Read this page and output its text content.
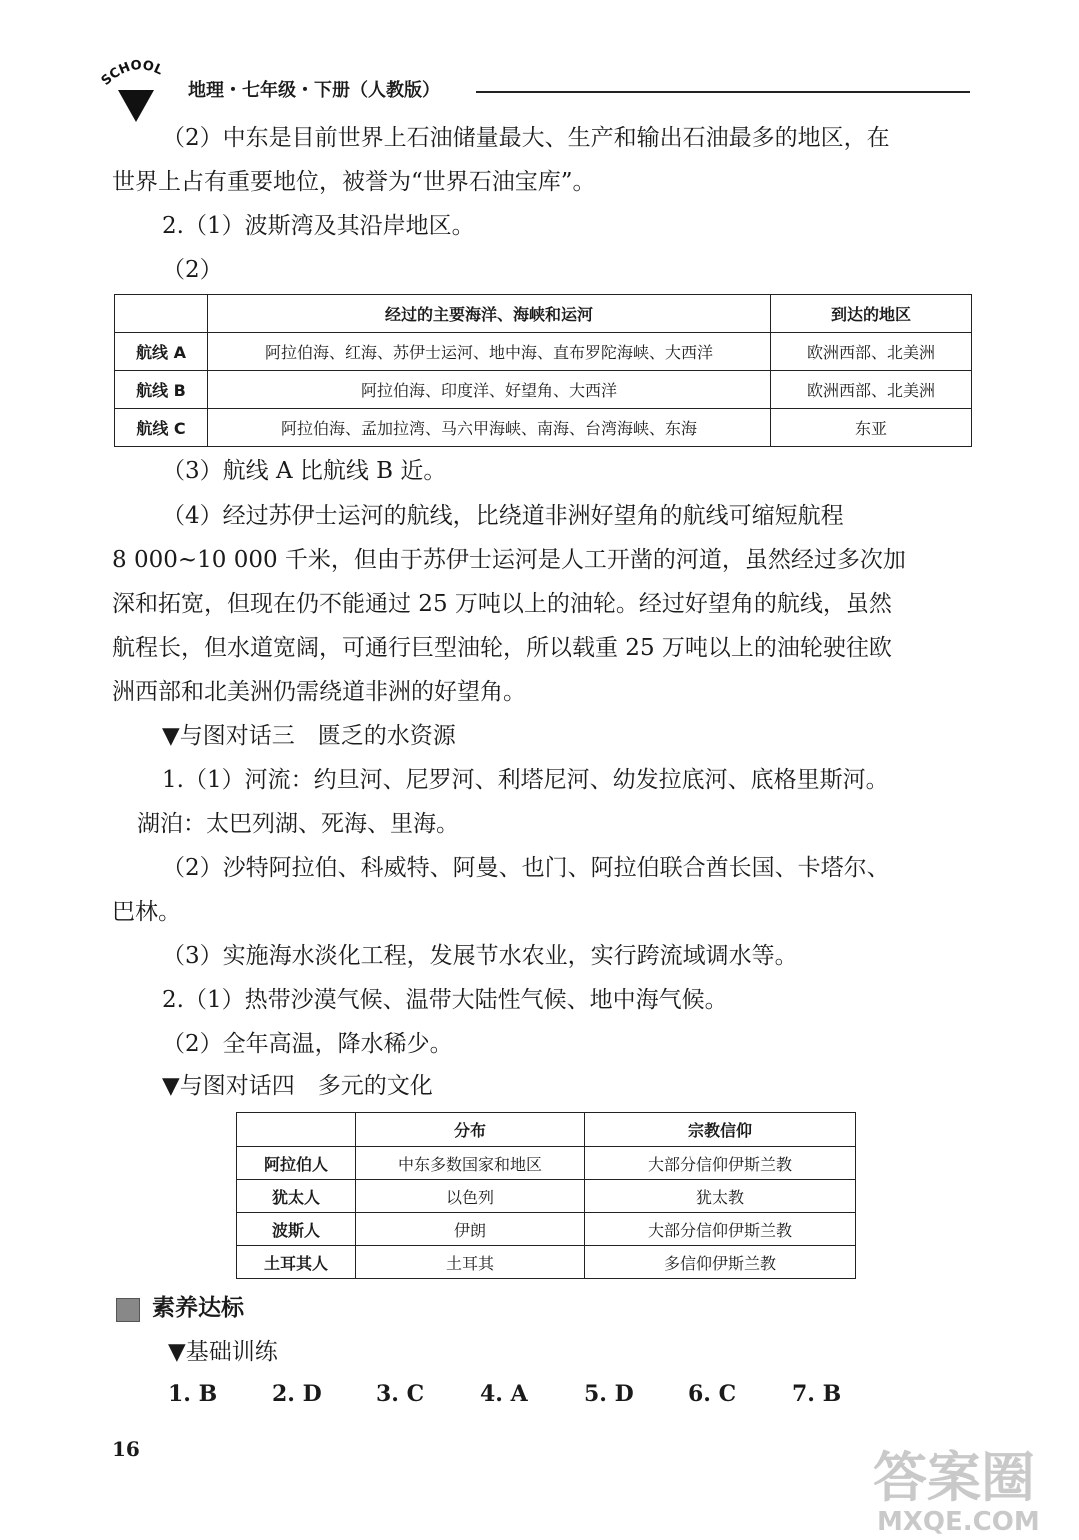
SCHOOL
地理・七年级・下册（人教版）
（2）中东是目前世界上石油储量最大、生产和输出石油最多的地区，在
世界上占有重要地位，被誉为“世界石油宝库”。
2.（1）波斯湾及其沿岸地区。
（2）
	经过的主要海洋、海峡和运河	到达的地区
航线 A	阿拉伯海、红海、苏伊士运河、地中海、直布罗陀海峡、大西洋	欧洲西部、北美洲
航线 B	阿拉伯海、印度洋、好望角、大西洋	欧洲西部、北美洲
航线 C	阿拉伯海、孟加拉湾、马六甲海峡、南海、台湾海峡、东海	东亚
（3）航线 A 比航线 B 近。
（4）经过苏伊士运河的航线，比绕道非洲好望角的航线可缩短航程
8 000~10 000 千米，但由于苏伊士运河是人工开凿的河道，虽然经过多次加
深和拓宽，但现在仍不能通过 25 万吨以上的油轮。经过好望角的航线，虽然
航程长，但水道宽阔，可通行巨型油轮，所以载重 25 万吨以上的油轮驶往欧
洲西部和北美洲仍需绕道非洲的好望角。
▼与图对话三　匮乏的水资源
1.（1）河流：约旦河、尼罗河、利塔尼河、幼发拉底河、底格里斯河。
湖泊：太巴列湖、死海、里海。
（2）沙特阿拉伯、科威特、阿曼、也门、阿拉伯联合酋长国、卡塔尔、
巴林。
（3）实施海水淡化工程，发展节水农业，实行跨流域调水等。
2.（1）热带沙漠气候、温带大陆性气候、地中海气候。
（2）全年高温，降水稀少。
▼与图对话四　多元的文化
	分布	宗教信仰
阿拉伯人	中东多数国家和地区	大部分信仰伊斯兰教
犹太人	以色列	犹太教
波斯人	伊朗	大部分信仰伊斯兰教
土耳其人	土耳其	多信仰伊斯兰教
素养达标
▼基础训练
1. B 2. D 3. C	4. A	5. D 6. C	7. B
16	答案圈
MXQE.COM
